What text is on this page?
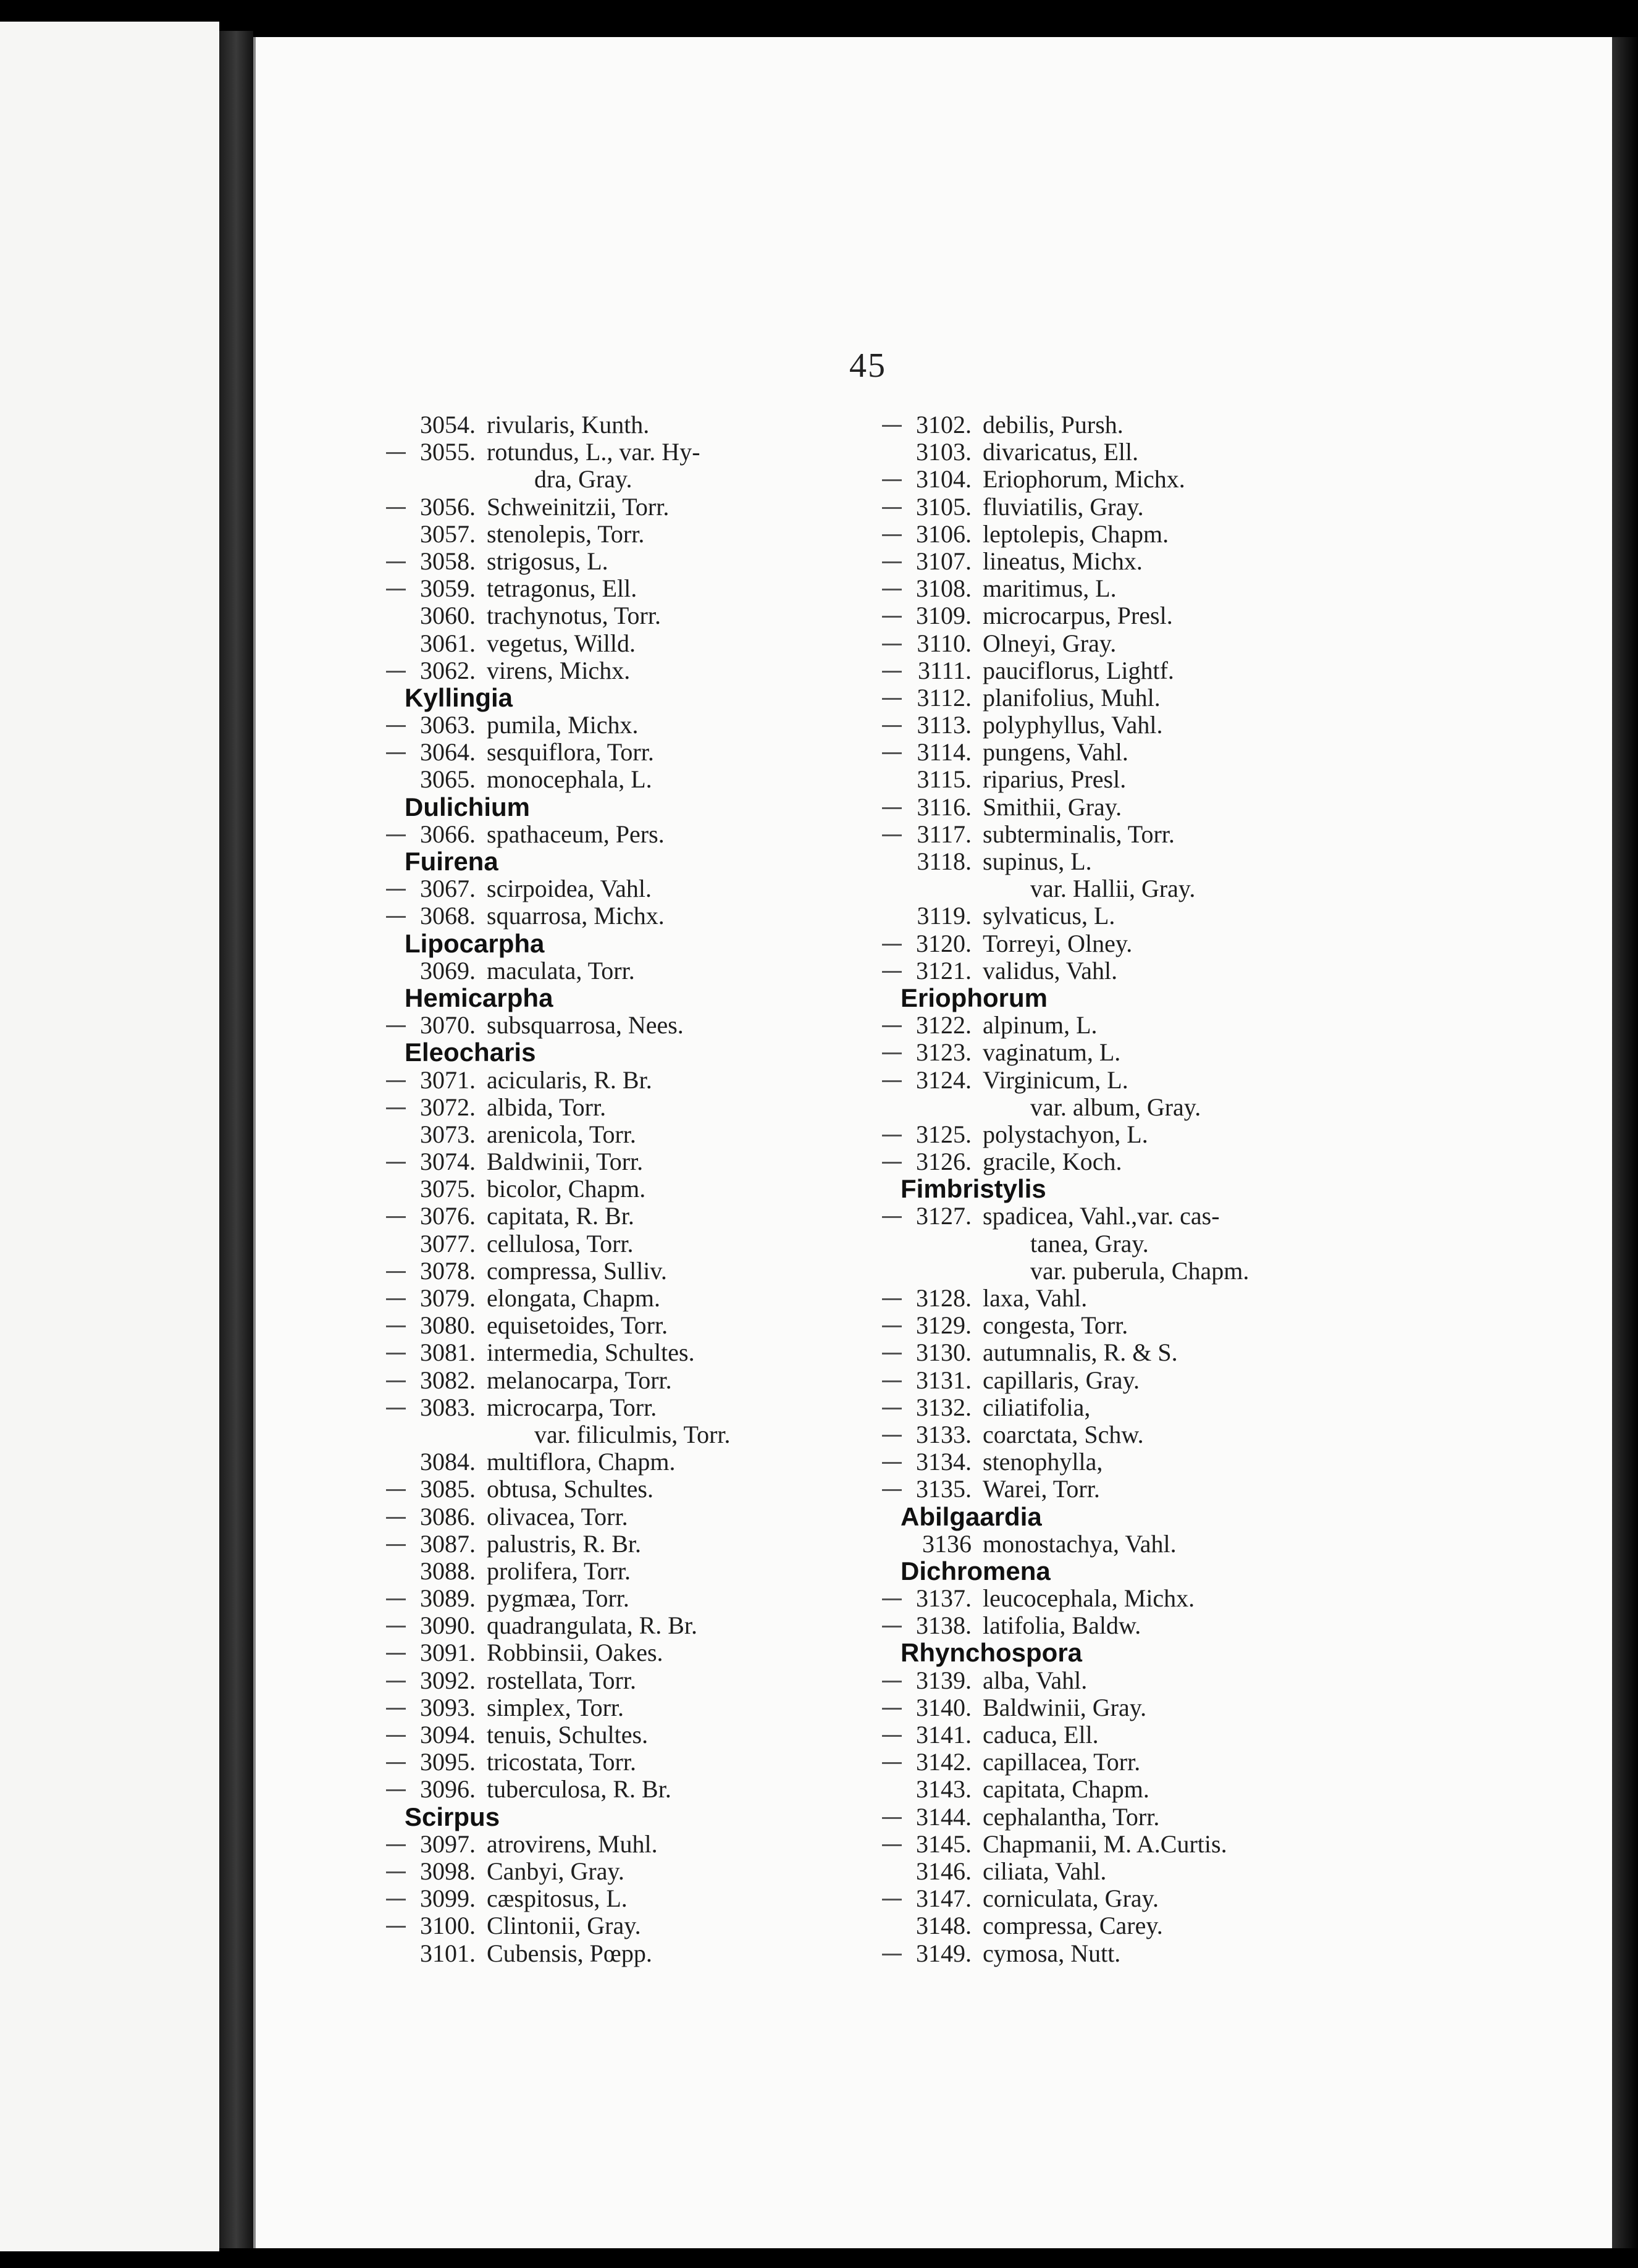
45
3054. rivularis, Kunth.
3055. rotundus, L., var. Hy-
dra, Gray.
3056. Schweinitzii, Torr.
3057. stenolepis, Torr.
3058. strigosus, L.
3059. tetragonus, Ell.
3060. trachynotus, Torr.
3061. vegetus, Willd.
3062. virens, Michx.
Kyllingia
3063. pumila, Michx.
3064. sesquiflora, Torr.
3065. monocephala, L.
Dulichium
3066. spathaceum, Pers.
Fuirena
3067. scirpoidea, Vahl.
3068. squarrosa, Michx.
Lipocarpha
3069. maculata, Torr.
Hemicarpha
3070. subsquarrosa, Nees.
Eleocharis
3071. acicularis, R. Br.
3072. albida, Torr.
3073. arenicola, Torr.
3074. Baldwinii, Torr.
3075. bicolor, Chapm.
3076. capitata, R. Br.
3077. cellulosa, Torr.
3078. compressa, Sulliv.
3079. elongata, Chapm.
3080. equisetoides, Torr.
3081. intermedia, Schultes.
3082. melanocarpa, Torr.
3083. microcarpa, Torr.
var. filiculmis, Torr.
3084. multiflora, Chapm.
3085. obtusa, Schultes.
3086. olivacea, Torr.
3087. palustris, R. Br.
3088. prolifera, Torr.
3089. pygmæa, Torr.
3090. quadrangulata, R. Br.
3091. Robbinsii, Oakes.
3092. rostellata, Torr.
3093. simplex, Torr.
3094. tenuis, Schultes.
3095. tricostata, Torr.
3096. tuberculosa, R. Br.
Scirpus
3097. atrovirens, Muhl.
3098. Canbyi, Gray.
3099. cæspitosus, L.
3100. Clintonii, Gray.
3101. Cubensis, Pœpp.
3102. debilis, Pursh.
3103. divaricatus, Ell.
3104. Eriophorum, Michx.
3105. fluviatilis, Gray.
3106. leptolepis, Chapm.
3107. lineatus, Michx.
3108. maritimus, L.
3109. microcarpus, Presl.
3110. Olneyi, Gray.
3111. pauciflorus, Lightf.
3112. planifolius, Muhl.
3113. polyphyllus, Vahl.
3114. pungens, Vahl.
3115. riparius, Presl.
3116. Smithii, Gray.
3117. subterminalis, Torr.
3118. supinus, L.
var. Hallii, Gray.
3119. sylvaticus, L.
3120. Torreyi, Olney.
3121. validus, Vahl.
Eriophorum
3122. alpinum, L.
3123. vaginatum, L.
3124. Virginicum, L.
var. album, Gray.
3125. polystachyon, L.
3126. gracile, Koch.
Fimbristylis
3127. spadicea, Vahl.,var. cas-
tanea, Gray.
var. puberula, Chapm.
3128. laxa, Vahl.
3129. congesta, Torr.
3130. autumnalis, R. & S.
3131. capillaris, Gray.
3132. ciliatifolia,
3133. coarctata, Schw.
3134. stenophylla,
3135. Warei, Torr.
Abilgaardia
3136 monostachya, Vahl.
Dichromena
3137. leucocephala, Michx.
3138. latifolia, Baldw.
Rhynchospora
3139. alba, Vahl.
3140. Baldwinii, Gray.
3141. caduca, Ell.
3142. capillacea, Torr.
3143. capitata, Chapm.
3144. cephalantha, Torr.
3145. Chapmanii, M. A.Curtis.
3146. ciliata, Vahl.
3147. corniculata, Gray.
3148. compressa, Carey.
3149. cymosa, Nutt.
